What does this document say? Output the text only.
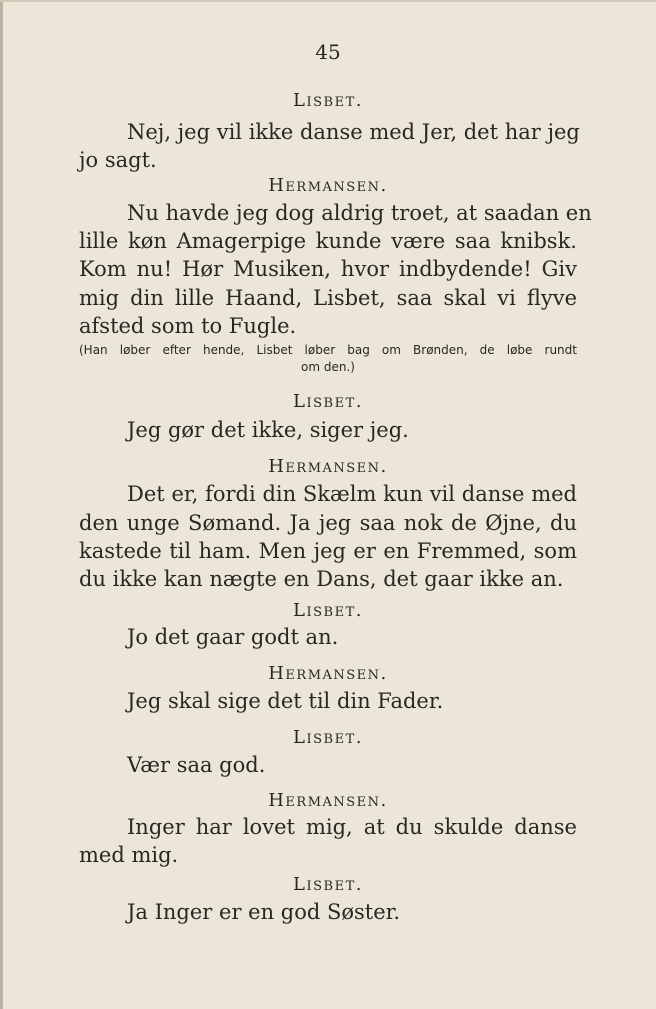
45
Lisbet.
Nej, jeg vil ikke danse med Jer, det har jeg
jo sagt.
Hermansen.
Nu havde jeg dog aldrig troet, at saadan en
lille køn Amagerpige kunde være saa knibsk.
Kom nu! Hør Musiken, hvor indbydende! Giv
mig din lille Haand, Lisbet, saa skal vi flyve
afsted som to Fugle.
(Han løber efter hende, Lisbet løber bag om Brønden, de løbe rundt
om den.)
Lisbet.
Jeg gør det ikke, siger jeg.
Hermansen.
Det er, fordi din Skælm kun vil danse med
den unge Sømand. Ja jeg saa nok de Øjne, du
kastede til ham. Men jeg er en Fremmed, som
du ikke kan nægte en Dans, det gaar ikke an.
Lisbet.
Jo det gaar godt an.
Hermansen.
Jeg skal sige det til din Fader.
Lisbet.
Vær saa god.
Hermansen.
Inger har lovet mig, at du skulde danse
med mig.
Lisbet.
Ja Inger er en god Søster.
